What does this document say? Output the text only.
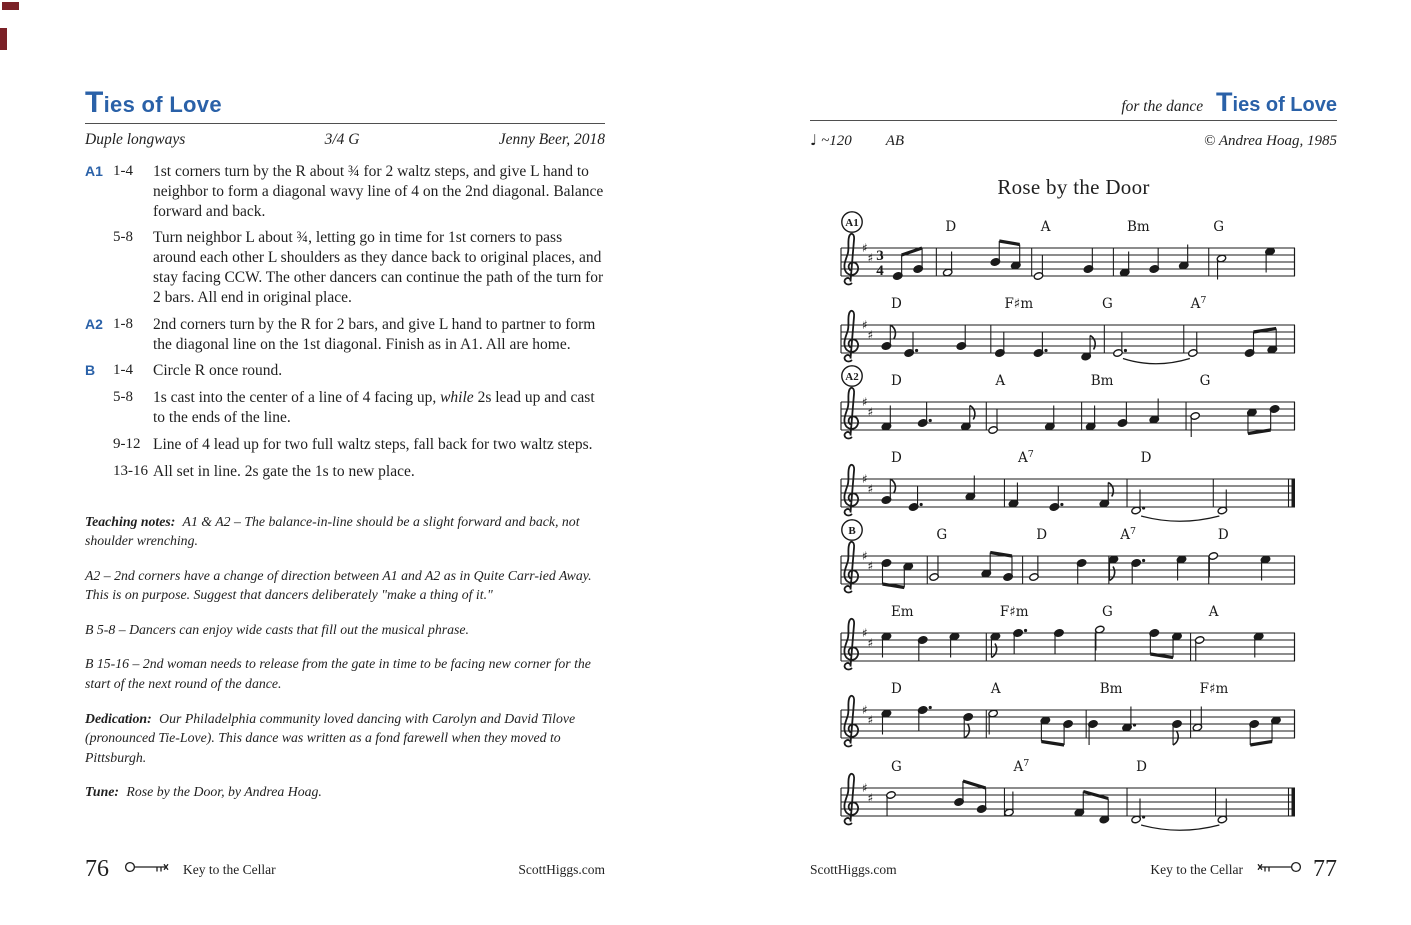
Ties of Love
Duple longways	3/4 G	Jenny Beer, 2018
A1 1-4	1st corners turn by the R about ¾ for 2 waltz steps, and give L hand to neighbor to form a diagonal wavy line of 4 on the 2nd diagonal. Balance forward and back.
5-8	Turn neighbor L about ¾, letting go in time for 1st corners to pass around each other L shoulders as they dance back to original places, and stay facing CCW. The other dancers can continue the path of the turn for 2 bars. All end in original place.
A2 1-8	2nd corners turn by the R for 2 bars, and give L hand to partner to form the diagonal line on the 1st diagonal. Finish as in A1. All are home.
B	1-4	Circle R once round.
5-8	1s cast into the center of a line of 4 facing up, while 2s lead up and cast to the ends of the line.
9-12 Line of 4 lead up for two full waltz steps, fall back for two waltz steps.
13-16 All set in line. 2s gate the 1s to new place.

Teaching notes: A1 & A2 – The balance-in-line should be a slight forward and back, not shoulder wrenching.

A2 – 2nd corners have a change of direction between A1 and A2 as in Quite Carr-ied Away. This is on purpose. Suggest that dancers deliberately "make a thing of it."

B 5-8 – Dancers can enjoy wide casts that fill out the musical phrase.

B 15-16 – 2nd woman needs to release from the gate in time to be facing new corner for the start of the next round of the dance.

Dedication: Our Philadelphia community loved dancing with Carolyn and David Tilove (pronounced Tie-Love). This dance was written as a fond farewell when they moved to Pittsburgh.

Tune: Rose by the Door, by Andrea Hoag.

76	Key to the Cellar	ScottHiggs.com
for the dance Ties of Love
♩ ~120 AB	© Andrea Hoag, 1985
Rose by the Door
♯
♯ 3
4
A1	D	A	Bm	G
♯
♯
D	F♯m	G	$A^7$
♯
♯
A2 D	A	Bm	G
♯
♯
D	$A^7$	D
♯
♯
B	G	D	$A^7$	D
♯
♯
Em	F♯m	G	A
♯
♯
D	A	Bm	F♯m
♯
♯
G	$A^7$	D
ScottHiggs.com	Key to the Cellar	77
